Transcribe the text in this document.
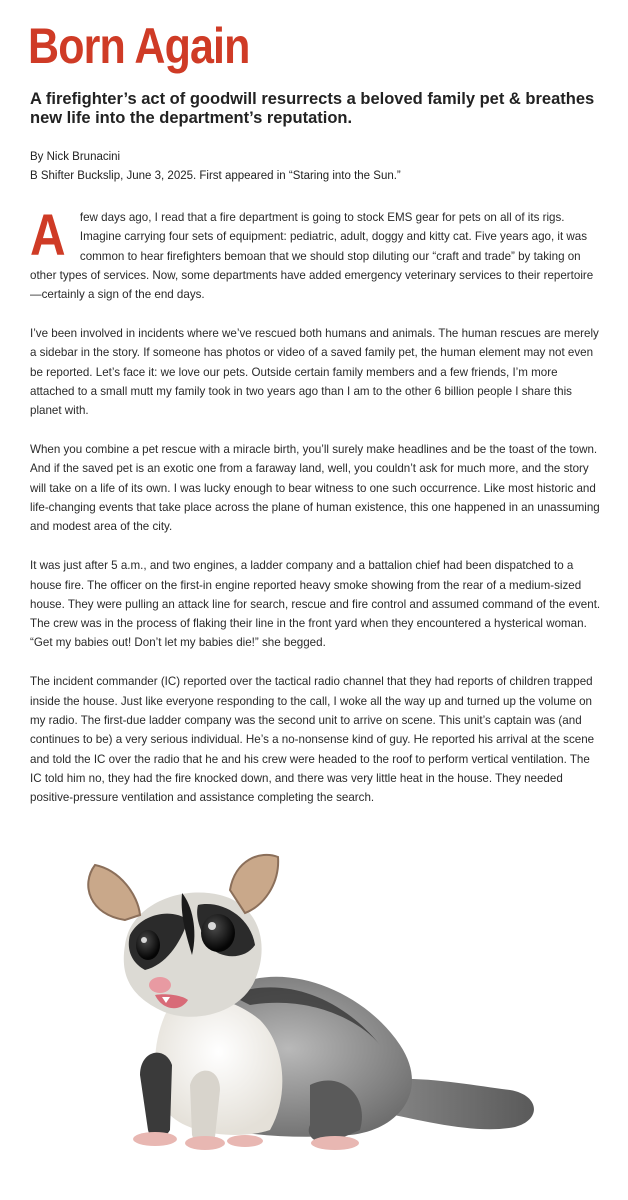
Born Again
A firefighter’s act of goodwill resurrects a beloved family pet & breathes new life into the department’s reputation.
By Nick Brunacini
B Shifter Buckslip, June 3, 2025. First appeared in “Staring into the Sun.”

A few days ago, I read that a fire department is going to stock EMS gear for pets on all of its rigs. Imagine carrying four sets of equipment: pediatric, adult, doggy and kitty cat. Five years ago, it was common to hear firefighters bemoan that we should stop diluting our “craft and trade” by taking on other types of services. Now, some departments have added emergency veterinary services to their repertoire—certainly a sign of the end days.

I’ve been involved in incidents where we’ve rescued both humans and animals. The human rescues are merely a sidebar in the story. If someone has photos or video of a saved family pet, the human element may not even be reported. Let’s face it: we love our pets. Outside certain family members and a few friends, I’m more attached to a small mutt my family took in two years ago than I am to the other 6 billion people I share this planet with.

When you combine a pet rescue with a miracle birth, you’ll surely make headlines and be the toast of the town. And if the saved pet is an exotic one from a faraway land, well, you couldn’t ask for much more, and the story will take on a life of its own. I was lucky enough to bear witness to one such occurrence. Like most historic and life-changing events that take place across the plane of human existence, this one happened in an unassuming and modest area of the city.

It was just after 5 a.m., and two engines, a ladder company and a battalion chief had been dispatched to a house fire. The officer on the first-in engine reported heavy smoke showing from the rear of a medium-sized house. They were pulling an attack line for search, rescue and fire control and assumed command of the event. The crew was in the process of flaking their line in the front yard when they encountered a hysterical woman. “Get my babies out! Don’t let my babies die!” she begged.

The incident commander (IC) reported over the tactical radio channel that they had reports of children trapped inside the house. Just like everyone responding to the call, I woke all the way up and turned up the volume on my radio. The first-due ladder company was the second unit to arrive on scene. This unit’s captain was (and continues to be) a very serious individual. He’s a no-nonsense kind of guy. He reported his arrival at the scene and told the IC over the radio that he and his crew were headed to the roof to perform vertical ventilation. The IC told him no, they had the fire knocked down, and there was very little heat in the house. They needed positive-pressure ventilation and assistance completing the search.
